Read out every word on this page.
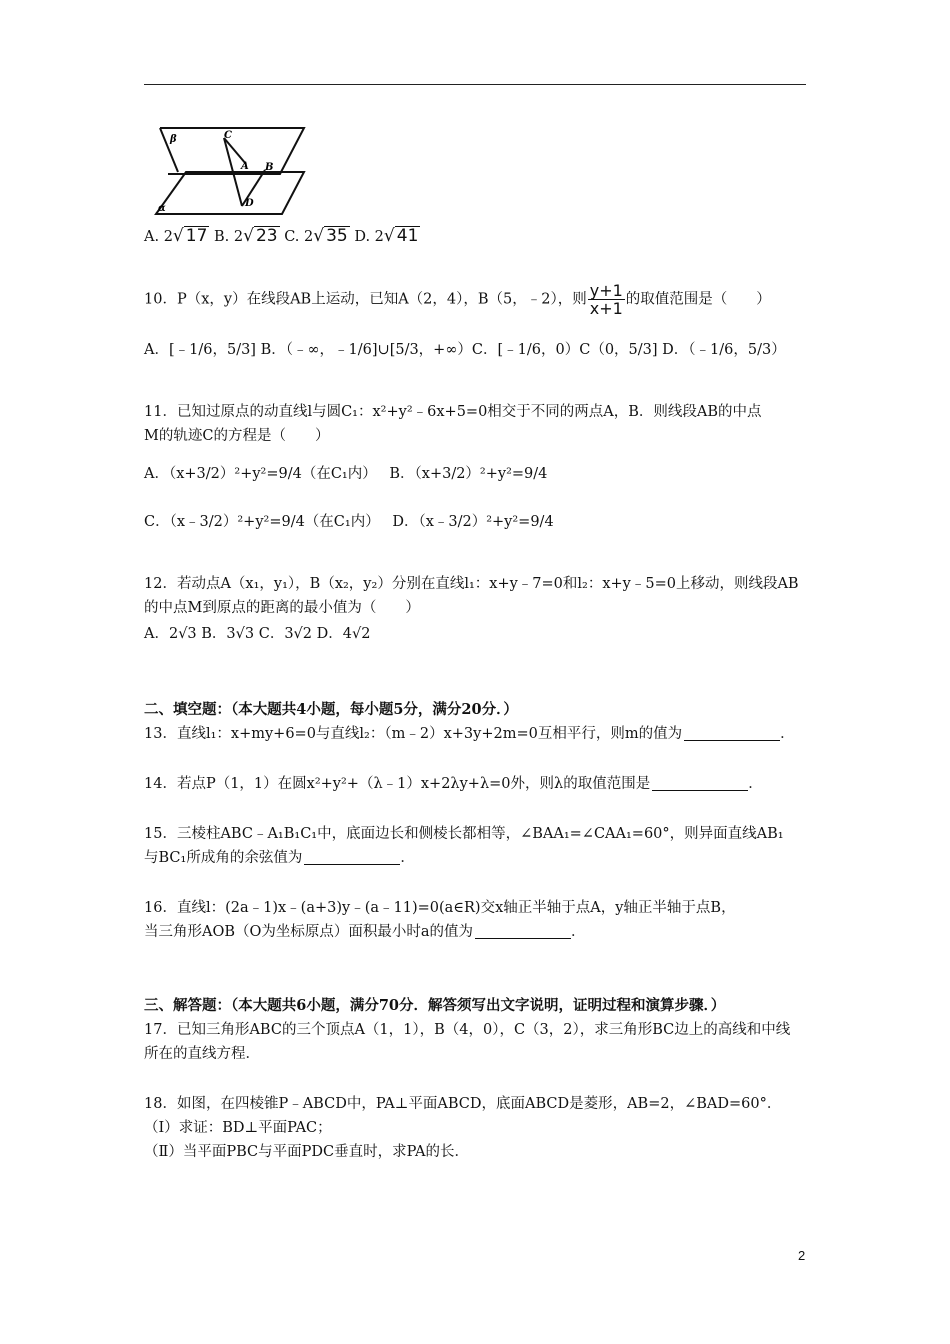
β
α
C
A B
D
A. 2√ 17 B. 2√ 23 C. 2√ 35 D. 2√ 41
10．P（x，y）在线段AB上运动，已知A（2，4），B（5，﹣2），则 $\frac{y+1}{x+1}$ 的取值范围是（　　）
A．[﹣1/6，5/3] B．（﹣∞，﹣1/6]∪[5/3，+∞）C．[﹣1/6，0）C（0，5/3] D．（﹣1/6，5/3）
11．已知过原点的动直线l与圆C₁：x²+y²﹣6x+5=0相交于不同的两点A，B．则线段AB的中点
M的轨迹C的方程是（　　）
A．（x+3/2）²+y²=9/4（在C₁内） B．（x+3/2）²+y²=9/4
C．（x﹣3/2）²+y²=9/4（在C₁内） D．（x﹣3/2）²+y²=9/4
12．若动点A（x₁，y₁），B（x₂，y₂）分别在直线l₁：x+y﹣7=0和l₂：x+y﹣5=0上移动，则线段AB
的中点M到原点的距离的最小值为（　　）
A．2√3 B．3√3 C．3√2 D．4√2
二、填空题：（本大题共4小题，每小题5分，满分20分．）
13．直线l₁：x+my+6=0与直线l₂：（m﹣2）x+3y+2m=0互相平行，则m的值为	．
14．若点P（1，1）在圆x²+y²+（λ﹣1）x+2λy+λ=0外，则λ的取值范围是	．
15．三棱柱ABC﹣A₁B₁C₁中，底面边长和侧棱长都相等，∠BAA₁=∠CAA₁=60°，则异面直线AB₁
与BC₁所成角的余弦值为	．
16．直线l：(2a﹣1)x﹣(a+3)y﹣(a﹣11)=0(a∈R)交x轴正半轴于点A，y轴正半轴于点B，
当三角形AOB（O为坐标原点）面积最小时a的值为	．
三、解答题：（本大题共6小题，满分70分．解答须写出文字说明，证明过程和演算步骤．）
17．已知三角形ABC的三个顶点A（1，1），B（4，0），C（3，2），求三角形BC边上的高线和中线
所在的直线方程．
18．如图，在四棱锥P﹣ABCD中，PA⊥平面ABCD，底面ABCD是菱形，AB=2，∠BAD=60°．
（Ⅰ）求证：BD⊥平面PAC；
（Ⅱ）当平面PBC与平面PDC垂直时，求PA的长．
2
